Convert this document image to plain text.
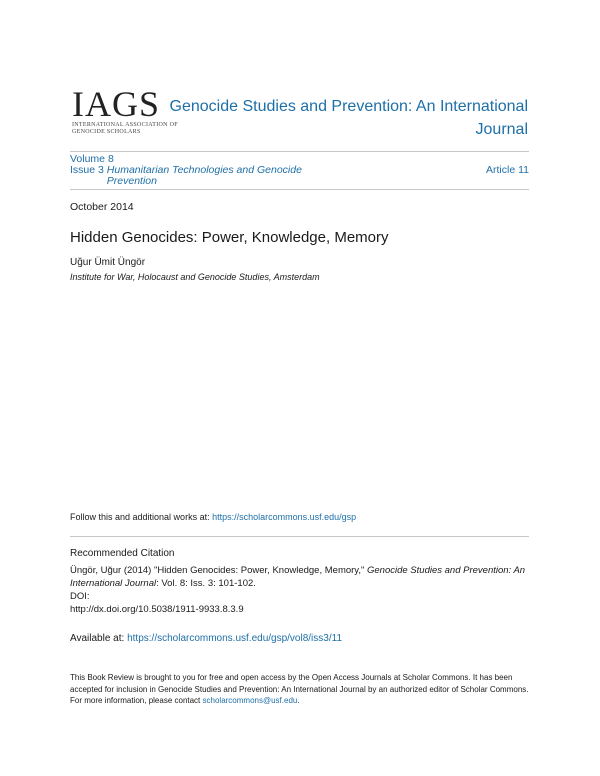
IAGS
INTERNATIONAL ASSOCIATION OF
GENOCIDE SCHOLARS
Genocide Studies and Prevention: An International Journal
Volume 8
Issue 3 Humanitarian Technologies and Genocide Prevention
Article 11
October 2014
Hidden Genocides: Power, Knowledge, Memory
Uğur Ümit Üngör
Institute for War, Holocaust and Genocide Studies, Amsterdam
Follow this and additional works at: https://scholarcommons.usf.edu/gsp
Recommended Citation
Üngör, Uğur (2014) "Hidden Genocides: Power, Knowledge, Memory," Genocide Studies and Prevention: An International Journal: Vol. 8: Iss. 3: 101-102.
DOI:
http://dx.doi.org/10.5038/1911-9933.8.3.9
Available at: https://scholarcommons.usf.edu/gsp/vol8/iss3/11
This Book Review is brought to you for free and open access by the Open Access Journals at Scholar Commons. It has been accepted for inclusion in Genocide Studies and Prevention: An International Journal by an authorized editor of Scholar Commons. For more information, please contact scholarcommons@usf.edu.
